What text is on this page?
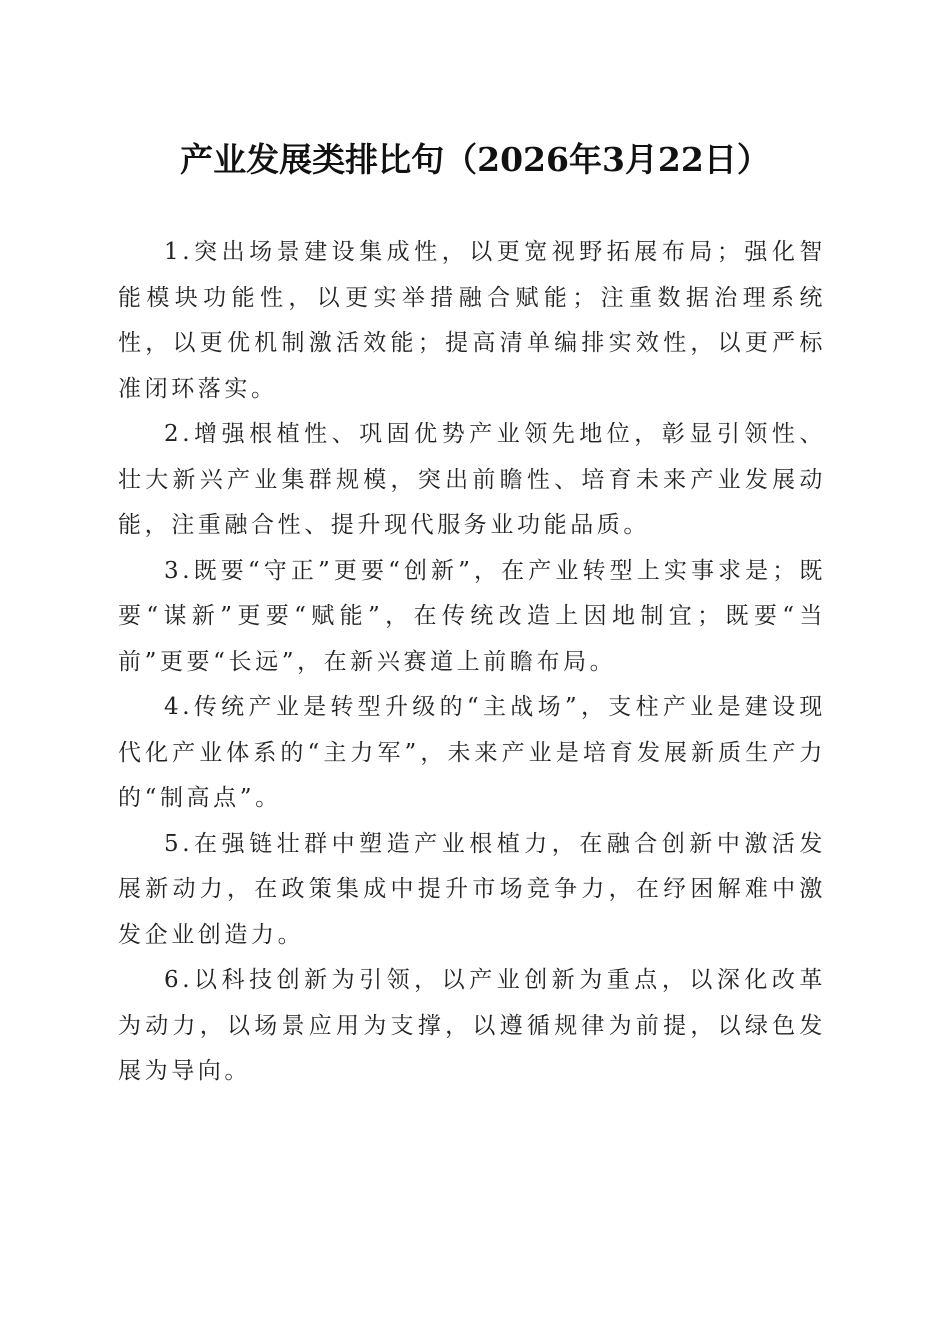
产业发展类排比句（2026年3月22日）

1.突出场景建设集成性，以更宽视野拓展布局；强化智能模块功能性，以更实举措融合赋能；注重数据治理系统性，以更优机制激活效能；提高清单编排实效性，以更严标准闭环落实。

2.增强根植性、巩固优势产业领先地位，彰显引领性、壮大新兴产业集群规模，突出前瞻性、培育未来产业发展动能，注重融合性、提升现代服务业功能品质。

3.既要“守正”更要“创新”，在产业转型上实事求是；既要“谋新”更要“赋能”，在传统改造上因地制宜；既要“当前”更要“长远”，在新兴赛道上前瞻布局。

4.传统产业是转型升级的“主战场”，支柱产业是建设现代化产业体系的“主力军”，未来产业是培育发展新质生产力的“制高点”。

5.在强链壮群中塑造产业根植力，在融合创新中激活发展新动力，在政策集成中提升市场竞争力，在纾困解难中激发企业创造力。

6.以科技创新为引领，以产业创新为重点，以深化改革为动力，以场景应用为支撑，以遵循规律为前提，以绿色发展为导向。
